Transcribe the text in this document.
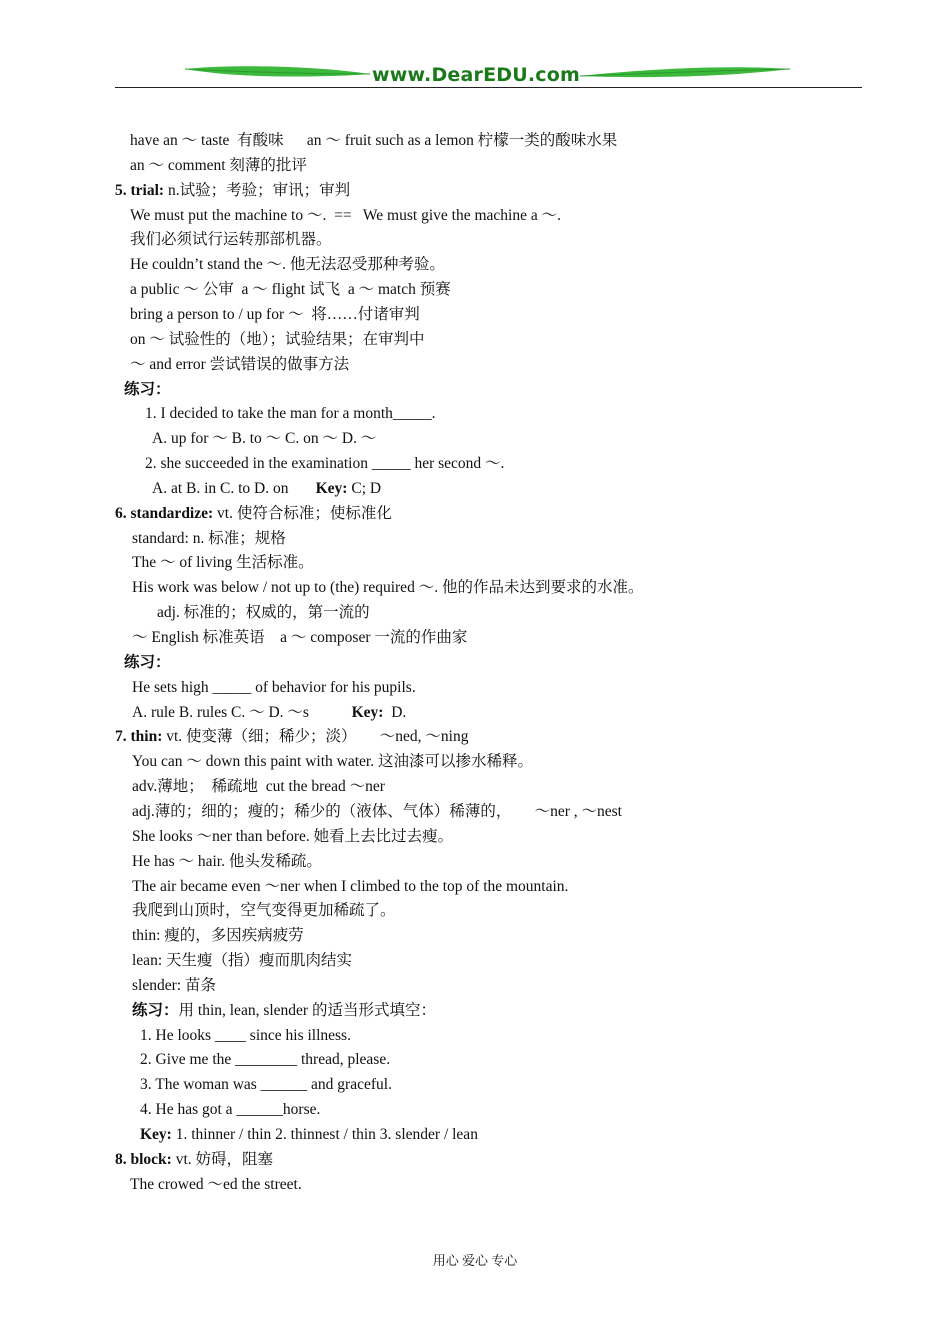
www.DearEDU.com
have an ～ taste  有酸味      an ～ fruit such as a lemon 柠檬一类的酸味水果
an ～ comment 刻薄的批评
5. trial: n.试验；考验；审讯；审判
We must put the machine to ～.  ==   We must give the machine a ～.
我们必须试行运转那部机器。
He couldn’t stand the ～. 他无法忍受那种考验。
a public ～ 公审  a ～ flight 试飞  a ～ match 预赛
bring a person to / up for ～  将……付诸审判
on ～ 试验性的（地）；试验结果；在审判中
～ and error 尝试错误的做事方法
练习：
1. I decided to take the man for a month_____.
A. up for ～ B. to ～ C. on ～ D. ～
2. she succeeded in the examination _____ her second ～.
A. at B. in C. to D. on       Key: C; D
6. standardize: vt. 使符合标准；使标准化
standard: n. 标准；规格
The ～ of living 生活标准。
His work was below / not up to (the) required ～. 他的作品未达到要求的水准。
adj. 标准的；权威的，第一流的
～ English 标准英语    a ～ composer 一流的作曲家
练习：
He sets high _____ of behavior for his pupils.
A. rule B. rules C. ～ D. ～s           Key:  D.
7. thin: vt. 使变薄（细；稀少；淡）      ～ned, ～ning
You can ～ down this paint with water. 这油漆可以掺水稀释。
adv.薄地；  稀疏地  cut the bread ～ner
adj.薄的；细的；瘦的；稀少的（液体、气体）稀薄的，      ～ner , ～nest
She looks ～ner than before. 她看上去比过去瘦。
He has ～ hair. 他头发稀疏。
The air became even ～ner when I climbed to the top of the mountain.
我爬到山顶时，空气变得更加稀疏了。
thin: 瘦的，多因疾病疲劳
lean: 天生瘦（指）瘦而肌肉结实
slender: 苗条
练习：用 thin, lean, slender 的适当形式填空：
1. He looks ____ since his illness.
2. Give me the ________ thread, please.
3. The woman was ______ and graceful.
4. He has got a ______horse.
Key: 1. thinner / thin 2. thinnest / thin 3. slender / lean
8. block: vt. 妨碍，阻塞
The crowed ～ed the street.
用心 爱心 专心
